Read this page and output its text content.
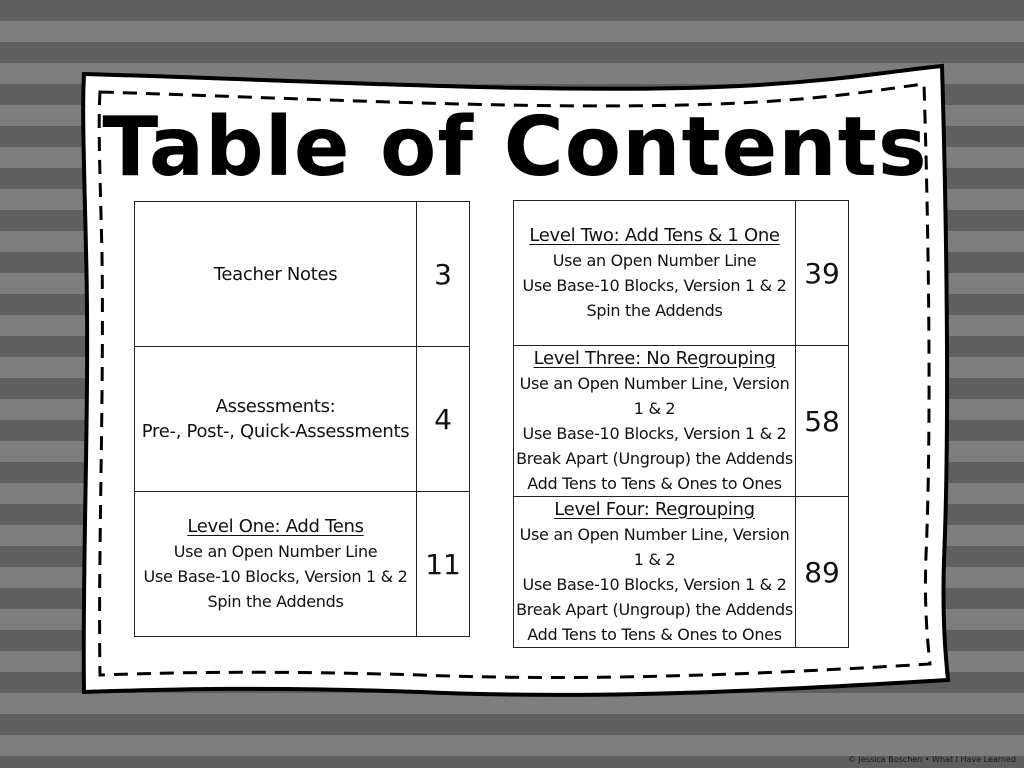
Table of Contents
Teacher Notes	3

Assessments:
Pre-, Post-, Quick-Assessments	4

Level One: Add Tens
Use an Open Number Line
Use Base-10 Blocks, Version 1 & 2
Spin the Addends	11
Level Two: Add Tens & 1 One
Use an Open Number Line
Use Base-10 Blocks, Version 1 & 2
Spin the Addends	39

Level Three: No Regrouping
Use an Open Number Line, Version 1 & 2
Use Base-10 Blocks, Version 1 & 2
Break Apart (Ungroup) the Addends
Add Tens to Tens & Ones to Ones	58

Level Four: Regrouping
Use an Open Number Line, Version 1 & 2
Use Base-10 Blocks, Version 1 & 2
Break Apart (Ungroup) the Addends
Add Tens to Tens & Ones to Ones	89
© Jessica Boschen • What I Have Learned
